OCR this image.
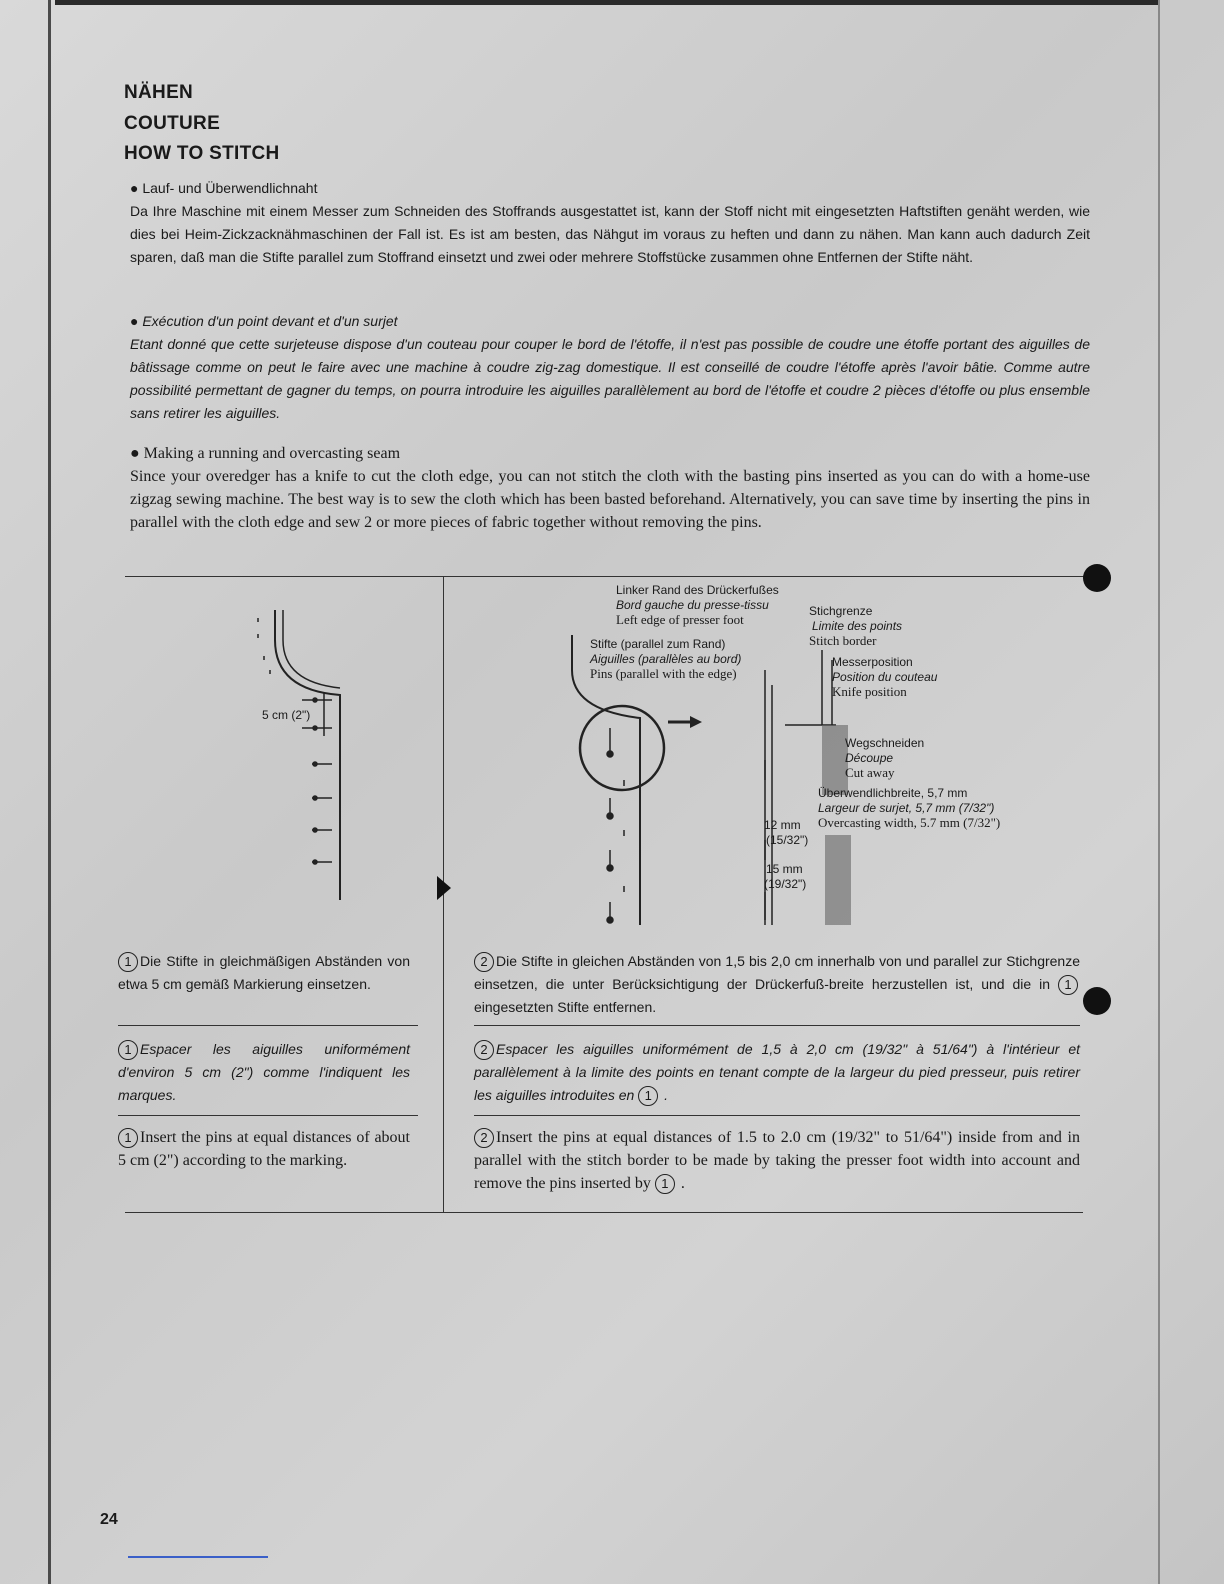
NÄHEN
COUTURE
HOW TO STITCH
● Lauf- und Überwendlichnaht

Da Ihre Maschine mit einem Messer zum Schneiden des Stoffrands ausgestattet ist, kann der Stoff nicht mit eingesetzten Haftstiften genäht werden, wie dies bei Heim-Zickzacknähmaschinen der Fall ist. Es ist am besten, das Nähgut im voraus zu heften und dann zu nähen. Man kann auch dadurch Zeit sparen, daß man die Stifte parallel zum Stoffrand einsetzt und zwei oder mehrere Stoffstücke zusammen ohne Entfernen der Stifte näht.

● Exécution d'un point devant et d'un surjet

Etant donné que cette surjeteuse dispose d'un couteau pour couper le bord de l'étoffe, il n'est pas possible de coudre une étoffe portant des aiguilles de bâtissage comme on peut le faire avec une machine à coudre zig-zag domestique. Il est conseillé de coudre l'étoffe après l'avoir bâtie. Comme autre possibilité permettant de gagner du temps, on pourra introduire les aiguilles parallèlement au bord de l'étoffe et coudre 2 pièces d'étoffe ou plus ensemble sans retirer les aiguilles.

● Making a running and overcasting seam

Since your overedger has a knife to cut the cloth edge, you can not stitch the cloth with the basting pins inserted as you can do with a home-use zigzag sewing machine. The best way is to sew the cloth which has been basted beforehand. Alternatively, you can save time by inserting the pins in parallel with the cloth edge and sew 2 or more pieces of fabric together without removing the pins.

5 cm (2")
Linker Rand des Drückerfußes
Bord gauche du presse-tissu
Left edge of presser foot
Stichgrenze
Limite des points
Stitch border
Stifte (parallel zum Rand)
Aiguilles (parallèles au bord)
Pins (parallel with the edge)
Messerposition
Position du couteau
Knife position
Wegschneiden
Découpe
Cut away
Überwendlichbreite, 5,7 mm
Largeur de surjet, 5,7 mm (7/32")
Overcasting width, 5.7 mm (7/32")
12 mm
(15/32")
15 mm
(19/32")
1 Die Stifte in gleichmäßigen Abständen von etwa 5 cm gemäß Markierung einsetzen.
1 Espacer les aiguilles uniformément d'environ 5 cm (2") comme l'indiquent les marques.
1 Insert the pins at equal distances of about 5 cm (2") according to the marking.
2 Die Stifte in gleichen Abständen von 1,5 bis 2,0 cm innerhalb von und parallel zur Stichgrenze einsetzen, die unter Berücksichtigung der Drückerfuß-breite herzustellen ist, und die in 1 eingesetzten Stifte entfernen.
2 Espacer les aiguilles uniformément de 1,5 à 2,0 cm (19/32" à 51/64") à l'intérieur et parallèlement à la limite des points en tenant compte de la largeur du pied presseur, puis retirer les aiguilles introduites en 1 .
2 Insert the pins at equal distances of 1.5 to 2.0 cm (19/32" to 51/64") inside from and in parallel with the stitch border to be made by taking the presser foot width into account and remove the pins inserted by 1 .
24
